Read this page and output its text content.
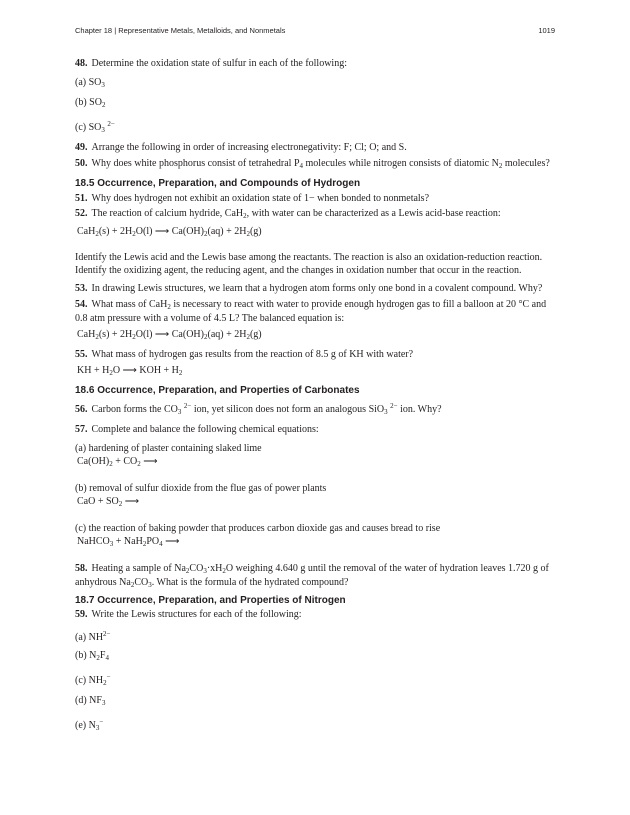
Chapter 18 | Representative Metals, Metalloids, and Nonmetals	1019

48. Determine the oxidation state of sulfur in each of the following:

(a) $SO_3$

(b) $SO_2$

(c) $SO_3$ $^{2-}$

49. Arrange the following in order of increasing electronegativity: F; Cl; O; and S.

50. Why does white phosphorus consist of tetrahedral $P_4$ molecules while nitrogen consists of diatomic $N_2$ molecules?

18.5 Occurrence, Preparation, and Compounds of Hydrogen

51. Why does hydrogen not exhibit an oxidation state of 1− when bonded to nonmetals?

52. The reaction of calcium hydride, CaH$_2$, with water can be characterized as a Lewis acid-base reaction:

$CaH_2(s) + 2H_2O(l)$ ⟶ $Ca(OH)_2(aq) + 2H_2(g)$

Identify the Lewis acid and the Lewis base among the reactants. The reaction is also an oxidation-reduction reaction. Identify the oxidizing agent, the reducing agent, and the changes in oxidation number that occur in the reaction.

53. In drawing Lewis structures, we learn that a hydrogen atom forms only one bond in a covalent compound. Why?

54. What mass of CaH$_2$ is necessary to react with water to provide enough hydrogen gas to fill a balloon at 20 °C and 0.8 atm pressure with a volume of 4.5 L? The balanced equation is:

$CaH_2(s) + 2H_2O(l)$ ⟶ $Ca(OH)_2(aq) + 2H_2(g)$

55. What mass of hydrogen gas results from the reaction of 8.5 g of KH with water?

KH + $H_2O$ ⟶ KOH + $H_2$

18.6 Occurrence, Preparation, and Properties of Carbonates

56. Carbon forms the $CO_3$ $^{2-}$ ion, yet silicon does not form an analogous SiO$_3$ $^{2-}$ ion. Why?

57. Complete and balance the following chemical equations:

(a) hardening of plaster containing slaked lime

$Ca(OH)_2 + CO_2$ ⟶

(b) removal of sulfur dioxide from the flue gas of power plants

CaO + $SO_2$ ⟶

(c) the reaction of baking powder that produces carbon dioxide gas and causes bread to rise

NaHCO$_3$ + $NaH_2PO_4$ ⟶

58. Heating a sample of $Na_2CO_3\cdot xH_2O$ weighing 4.640 g until the removal of the water of hydration leaves 1.720 g of anhydrous $Na_2CO_3$. What is the formula of the hydrated compound?

18.7 Occurrence, Preparation, and Properties of Nitrogen

59. Write the Lewis structures for each of the following:

(a) $NH^{2-}$

(b) $N_2F_4$

(c) $NH_2^-$

(d) $NF_3$

(e) $N_3^-$
